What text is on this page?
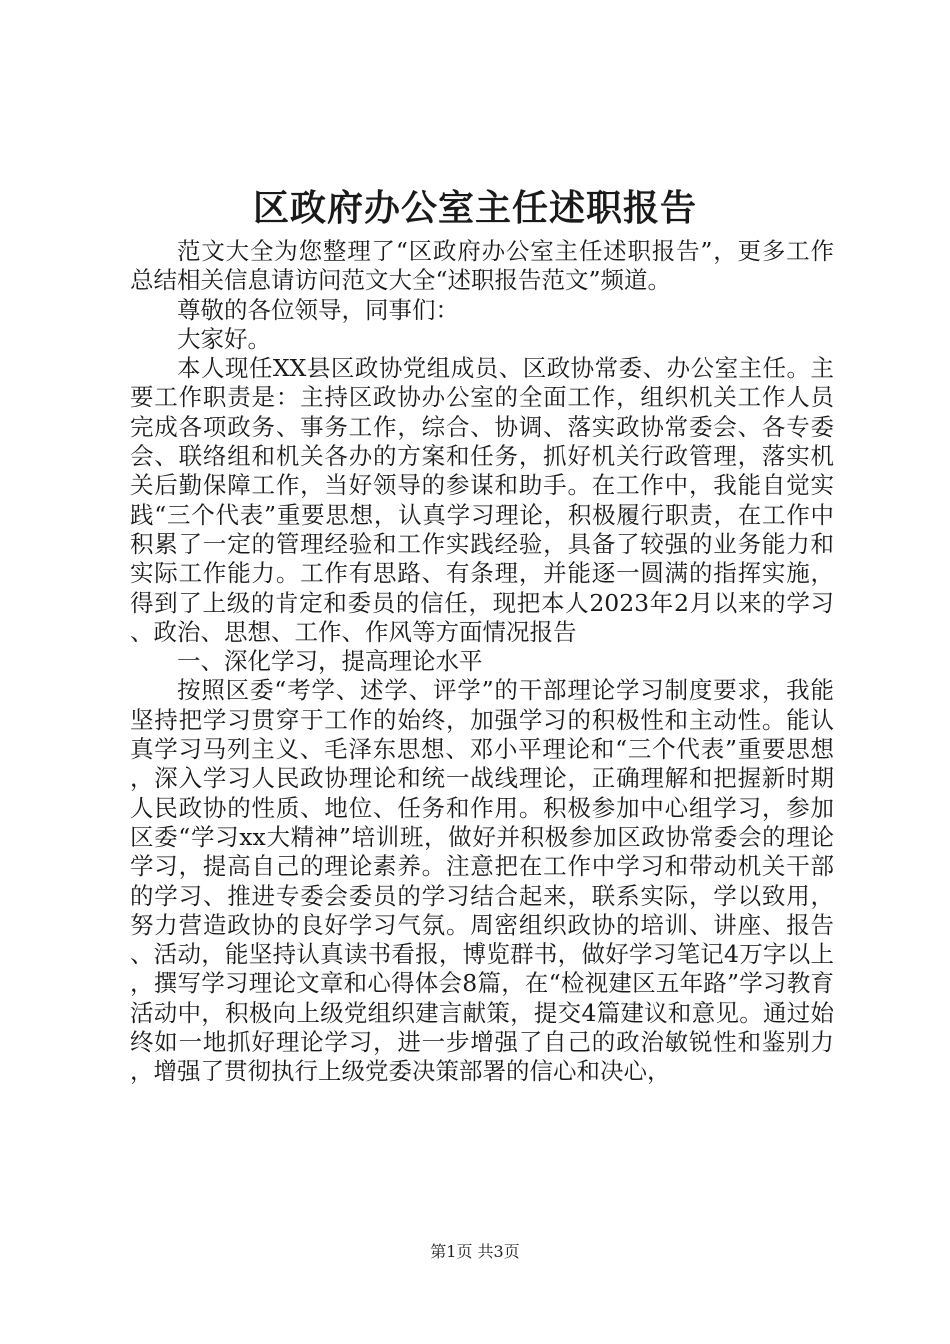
区政府办公室主任述职报告

范文大全为您整理了“区政府办公室主任述职报告”，更多工作总结相关信息请访问范文大全“述职报告范文”频道。

尊敬的各位领导，同事们：

大家好。

本人现任XX县区政协党组成员、区政协常委、办公室主任。主要工作职责是：主持区政协办公室的全面工作，组织机关工作人员完成各项政务、事务工作，综合、协调、落实政协常委会、各专委会、联络组和机关各办的方案和任务，抓好机关行政管理，落实机关后勤保障工作，当好领导的参谋和助手。在工作中，我能自觉实践“三个代表”重要思想，认真学习理论，积极履行职责，在工作中积累了一定的管理经验和工作实践经验，具备了较强的业务能力和实际工作能力。工作有思路、有条理，并能逐一圆满的指挥实施，得到了上级的肯定和委员的信任，现把本人2023年2月以来的学习、政治、思想、工作、作风等方面情况报告

一、深化学习，提高理论水平

按照区委“考学、述学、评学”的干部理论学习制度要求，我能坚持把学习贯穿于工作的始终，加强学习的积极性和主动性。能认真学习马列主义、毛泽东思想、邓小平理论和“三个代表”重要思想，深入学习人民政协理论和统一战线理论，正确理解和把握新时期人民政协的性质、地位、任务和作用。积极参加中心组学习，参加区委“学习xx大精神”培训班，做好并积极参加区政协常委会的理论学习，提高自己的理论素养。注意把在工作中学习和带动机关干部的学习、推进专委会委员的学习结合起来，联系实际，学以致用，努力营造政协的良好学习气氛。周密组织政协的培训、讲座、报告、活动，能坚持认真读书看报，博览群书，做好学习笔记4万字以上，撰写学习理论文章和心得体会8篇，在“检视建区五年路”学习教育活动中，积极向上级党组织建言献策，提交4篇建议和意见。通过始终如一地抓好理论学习，进一步增强了自己的政治敏锐性和鉴别力，增强了贯彻执行上级党委决策部署的信心和决心，

第1页 共3页
